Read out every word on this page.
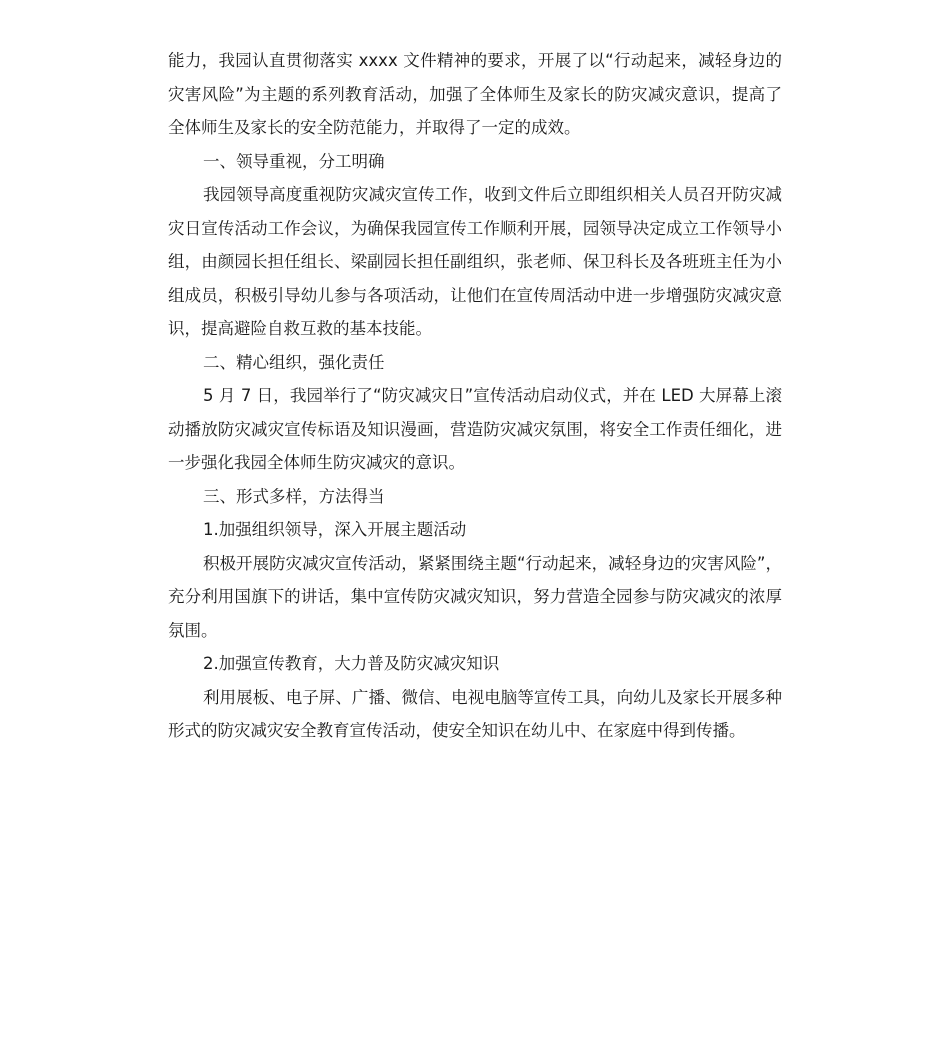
能力，我园认直贯彻落实 xxxx 文件精神的要求，开展了以“行动起来，减轻身边的灾害风险”为主题的系列教育活动，加强了全体师生及家长的防灾减灾意识，提高了全体师生及家长的安全防范能力，并取得了一定的成效。

一、领导重视，分工明确

我园领导高度重视防灾减灾宣传工作，收到文件后立即组织相关人员召开防灾减灾日宣传活动工作会议，为确保我园宣传工作顺利开展，园领导决定成立工作领导小组，由颜园长担任组长、梁副园长担任副组织，张老师、保卫科长及各班班主任为小组成员，积极引导幼儿参与各项活动，让他们在宣传周活动中进一步增强防灾减灾意识，提高避险自救互救的基本技能。

二、精心组织，强化责任

5 月 7 日，我园举行了“防灾减灾日”宣传活动启动仪式，并在 LED 大屏幕上滚动播放防灾减灾宣传标语及知识漫画，营造防灾减灾氛围，将安全工作责任细化，进一步强化我园全体师生防灾减灾的意识。

三、形式多样，方法得当

1.加强组织领导，深入开展主题活动

积极开展防灾减灾宣传活动，紧紧围绕主题“行动起来，减轻身边的灾害风险”，充分利用国旗下的讲话，集中宣传防灾减灾知识，努力营造全园参与防灾减灾的浓厚氛围。

2.加强宣传教育，大力普及防灾减灾知识

利用展板、电子屏、广播、微信、电视电脑等宣传工具，向幼儿及家长开展多种形式的防灾减灾安全教育宣传活动，使安全知识在幼儿中、在家庭中得到传播。
